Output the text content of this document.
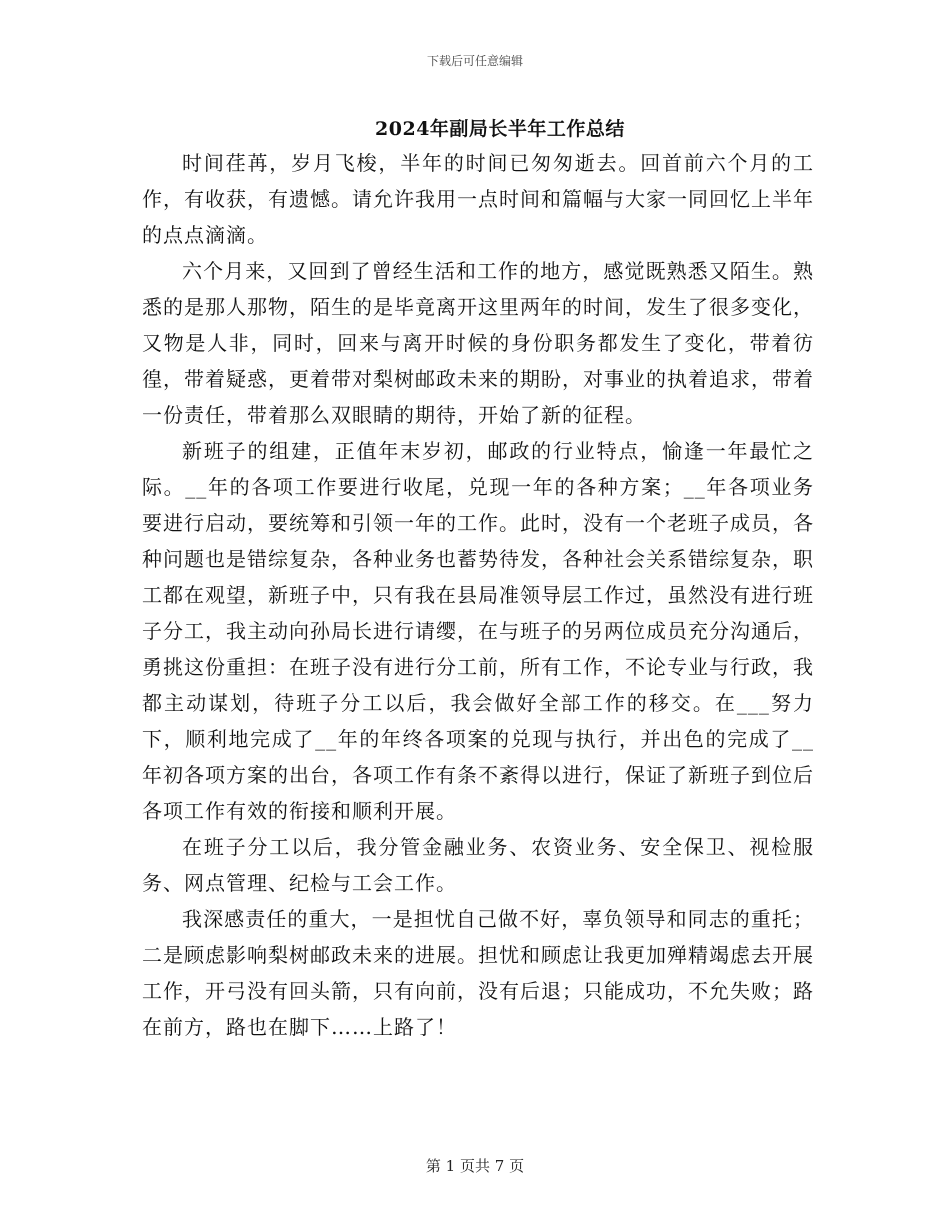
下载后可任意编辑
2024年副局长半年工作总结

时间荏苒，岁月飞梭，半年的时间已匆匆逝去。回首前六个月的工作，有收获，有遗憾。请允许我用一点时间和篇幅与大家一同回忆上半年的点点滴滴。

六个月来，又回到了曾经生活和工作的地方，感觉既熟悉又陌生。熟悉的是那人那物，陌生的是毕竟离开这里两年的时间，发生了很多变化，又物是人非，同时，回来与离开时候的身份职务都发生了变化，带着彷徨，带着疑惑，更着带对梨树邮政未来的期盼，对事业的执着追求，带着一份责任，带着那么双眼睛的期待，开始了新的征程。

新班子的组建，正值年末岁初，邮政的行业特点，愉逢一年最忙之际。__年的各项工作要进行收尾，兑现一年的各种方案；__年各项业务要进行启动，要统筹和引领一年的工作。此时，没有一个老班子成员，各种问题也是错综复杂，各种业务也蓄势待发，各种社会关系错综复杂，职工都在观望，新班子中，只有我在县局准领导层工作过，虽然没有进行班子分工，我主动向孙局长进行请缨，在与班子的另两位成员充分沟通后，勇挑这份重担：在班子没有进行分工前，所有工作，不论专业与行政，我都主动谋划，待班子分工以后，我会做好全部工作的移交。在___努力下，顺利地完成了__年的年终各项案的兑现与执行，并出色的完成了__年初各项方案的出台，各项工作有条不紊得以进行，保证了新班子到位后各项工作有效的衔接和顺利开展。

在班子分工以后，我分管金融业务、农资业务、安全保卫、视检服务、网点管理、纪检与工会工作。

我深感责任的重大，一是担忧自己做不好，辜负领导和同志的重托；二是顾虑影响梨树邮政未来的进展。担忧和顾虑让我更加殚精竭虑去开展工作，开弓没有回头箭，只有向前，没有后退；只能成功，不允失败；路在前方，路也在脚下……上路了！

第 1 页共 7 页
